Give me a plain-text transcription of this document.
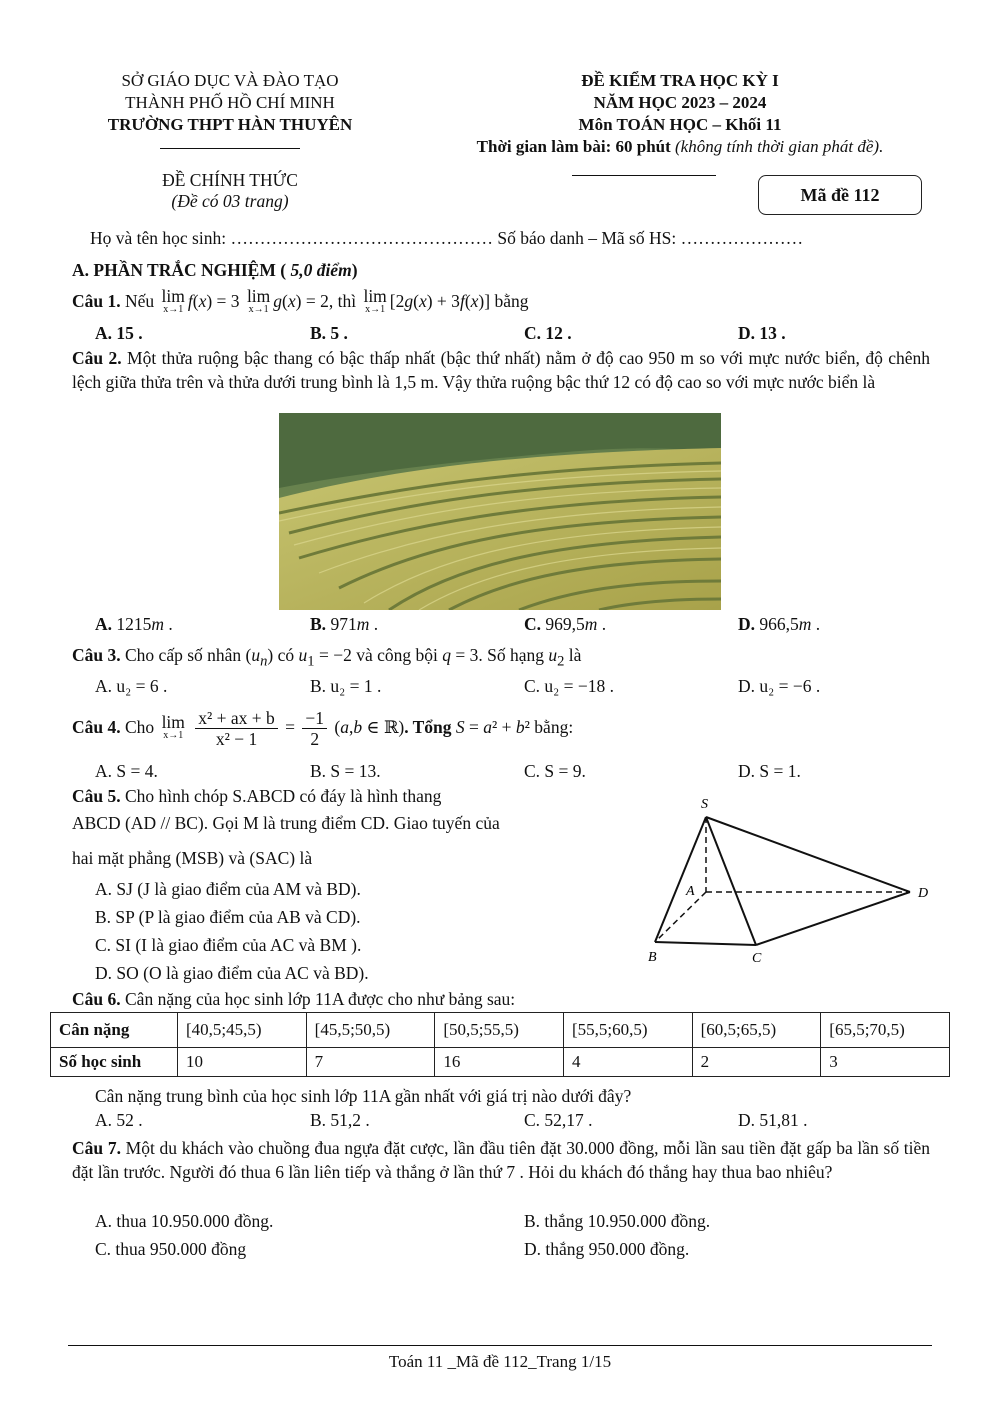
SỞ GIÁO DỤC VÀ ĐÀO TẠO
THÀNH PHỐ HỒ CHÍ MINH
TRƯỜNG THPT HÀN THUYÊN
ĐỀ KIỂM TRA HỌC KỲ I
NĂM HỌC 2023 – 2024
Môn TOÁN HỌC – Khối 11
Thời gian làm bài: 60 phút (không tính thời gian phát đề).
ĐỀ CHÍNH THỨC
(Đề có 03 trang)	Mã đề 112
Họ và tên học sinh: ……………………………………… Số báo danh – Mã số HS: …………………
A. PHẦN TRẮC NGHIỆM ( 5,0 điểm)
Câu 1. Nếu lim
x→1 f(x) = 3 lim
x→1 g(x) = 2, thì lim
x→1 [2g(x) + 3f(x)] bằng
A. 15 .	B. 5 .	C. 12 .	D. 13 .
Câu 2. Một thửa ruộng bậc thang có bậc thấp nhất (bậc thứ nhất) nằm ở độ cao 950 m so với mực nước biển, độ chênh lệch giữa thửa trên và thửa dưới trung bình là 1,5 m. Vậy thửa ruộng bậc thứ 12 có độ cao so với mực nước biển là
A. 1215m .	B. 971m .	C. 969,5m .	D. 966,5m .
Câu 3. Cho cấp số nhân $(u_n)$ có $u_1 = -2$ và công bội q = 3. Số hạng $u_2$ là
A. u₂ = 6 .	B. u₂ = 1 .	C. u₂ = −18 .	D. u₂ = −6 .
Câu 4. Cho lim
x→1
$\frac{\text{x² + ax + b}}{\text{x² − 1}} = \frac{-1}{2} (a,b$ ∈ ℝ). Tổng S = a² + b² bằng:
A. S = 4.	B. S = 13.	C. S = 9.	D. S = 1.
Câu 5. Cho hình chóp S.ABCD có đáy là hình thang
ABCD (AD // BC). Gọi M là trung điểm CD. Giao tuyến của
hai mặt phẳng (MSB) và (SAC) là
A. SJ (J là giao điểm của AM và BD).
B. SP (P là giao điểm của AB và CD).
C. SI (I là giao điểm của AC và BM ).
D. SO (O là giao điểm của AC và BD).
S
A	D
B	C
Câu 6. Cân nặng của học sinh lớp 11A được cho như bảng sau:
Cân nặng	[40,5;45,5)	[45,5;50,5)	[50,5;55,5)	[55,5;60,5)	[60,5;65,5)	[65,5;70,5)
Số học sinh	10	7	16	4	2	3
Cân nặng trung bình của học sinh lớp 11A gần nhất với giá trị nào dưới đây?
A. 52 .	B. 51,2 .	C. 52,17 .	D. 51,81 .
Câu 7. Một du khách vào chuồng đua ngựa đặt cược, lần đầu tiên đặt 30.000 đồng, mỗi lần sau tiền đặt gấp ba lần số tiền đặt lần trước. Người đó thua 6 lần liên tiếp và thắng ở lần thứ 7 . Hỏi du khách đó thắng hay thua bao nhiêu?
A. thua 10.950.000 đồng.	B. thắng 10.950.000 đồng.
C. thua 950.000 đồng	D. thắng 950.000 đồng.
Toán 11 _Mã đề 112_Trang 1/15
